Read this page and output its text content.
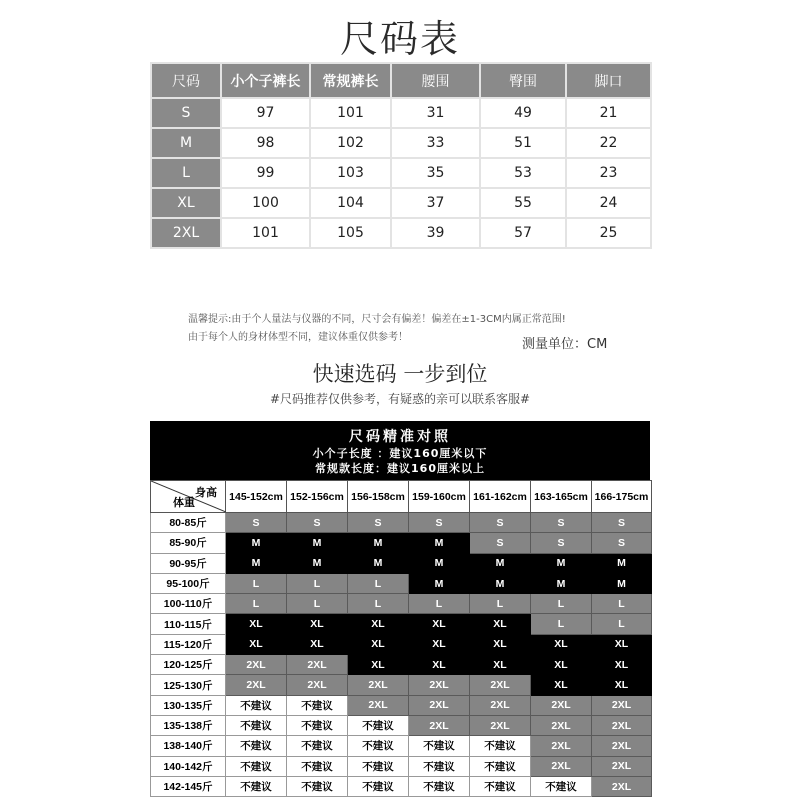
尺码表
尺码	小个子裤长	常规裤长	腰围	臀围	脚口
S	97	101	31	49	21
M	98	102	33	51	22
L	99	103	35	53	23
XL	100	104	37	55	24
2XL	101	105	39	57	25
温馨提示:由于个人量法与仪器的不同，尺寸会有偏差！偏差在±1-3CM内属正常范围!
由于每个人的身材体型不同，建议体重仅供参考！	测量单位：CM
快速选码 一步到位
#尺码推荐仅供参考，有疑惑的亲可以联系客服#
尺码精准对照
小个子长度 ：建议160厘米以下
常规款长度：建议160厘米以上
身高
体重	145-152cm	152-156cm	156-158cm	159-160cm	161-162cm	163-165cm	166-175cm
80-85斤	S	S	S	S	S	S	S
85-90斤	M	M	M	M	S	S	S
90-95斤	M	M	M	M	M	M	M
95-100斤	L	L	L	M	M	M	M
100-110斤	L	L	L	L	L	L	L
110-115斤	XL	XL	XL	XL	XL	L	L
115-120斤	XL	XL	XL	XL	XL	XL	XL
120-125斤	2XL	2XL	XL	XL	XL	XL	XL
125-130斤	2XL	2XL	2XL	2XL	2XL	XL	XL
130-135斤	不建议	不建议	2XL	2XL	2XL	2XL	2XL
135-138斤	不建议	不建议	不建议	2XL	2XL	2XL	2XL
138-140斤	不建议	不建议	不建议	不建议	不建议	2XL	2XL
140-142斤	不建议	不建议	不建议	不建议	不建议	2XL	2XL
142-145斤	不建议	不建议	不建议	不建议	不建议	不建议	2XL
